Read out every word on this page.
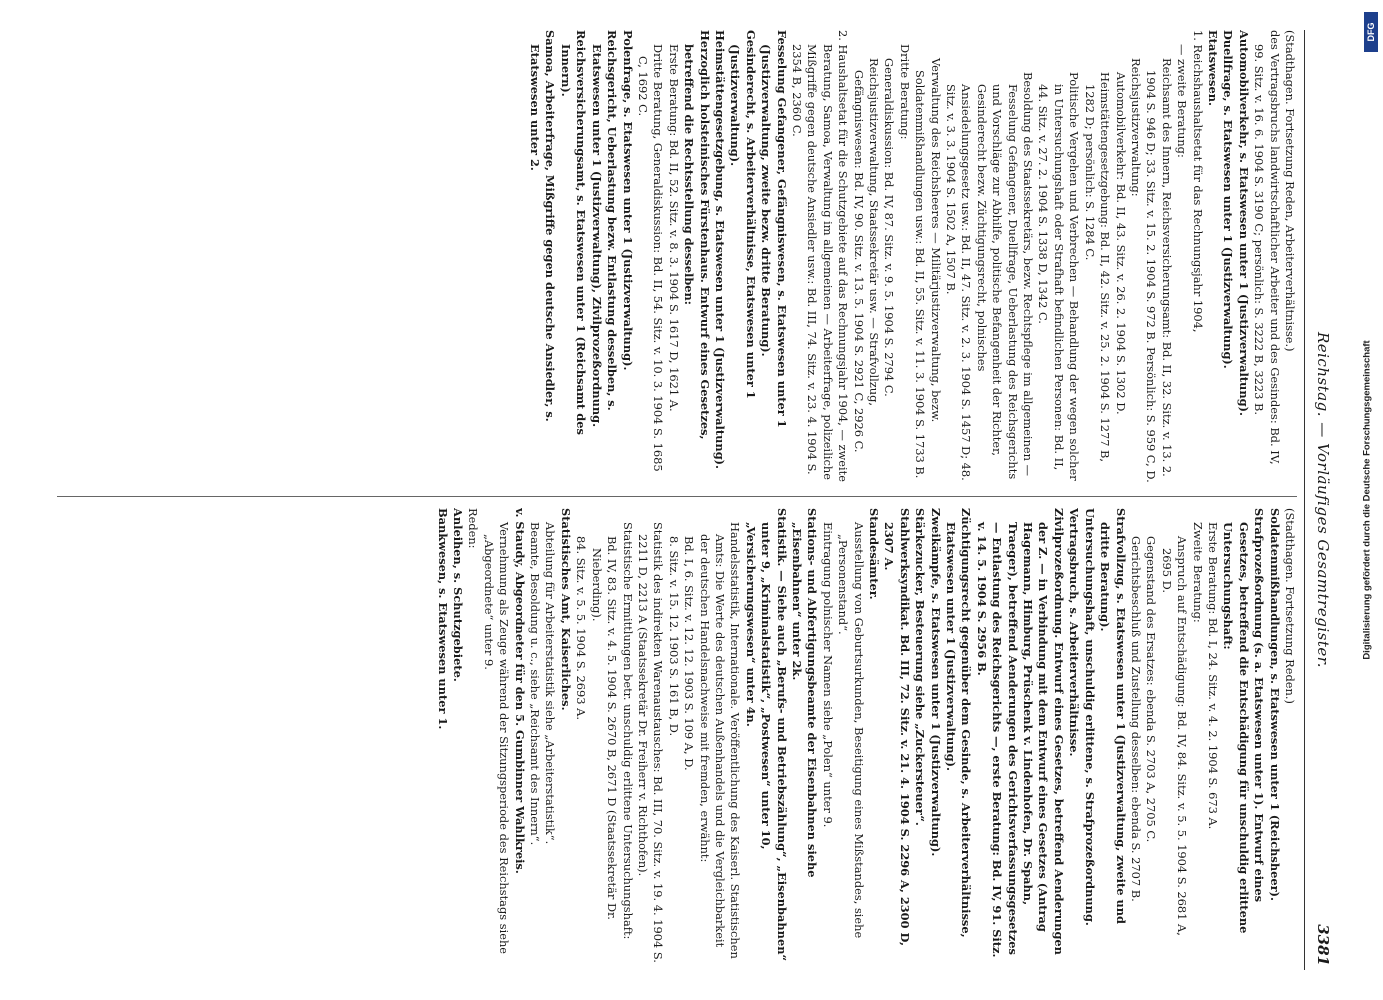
Reichstag. — Vorläufiges Gesamtregister.
3381

(Stadthagen. Fortsetzung Reden, Arbeiterverhältnisse.)

des Vertragsbruchs landwirtschaftlicher Arbeiter und des Gesindes: Bd. IV, 99. Sitz. v. 16. 6. 1904 S. 3190 C; persönlich: S. 3222 B, 3223 B.

Automobilverkehr, s. Etatswesen unter 1 (Justizverwaltung).

Duellfrage, s. Etatswesen unter 1 (Justizverwaltung).

Etatswesen.

1. Reichshaushaltsetat für das Rechnungsjahr 1904,

— zweite Beratung:

Reichsamt des Innern, Reichsversicherungsamt: Bd. II, 32. Sitz. v. 13. 2. 1904 S. 946 D; 33. Sitz. v. 15. 2. 1904 S. 972 B. Persönlich: S. 959 C, D.

Reichsjustizverwaltung:

Automobilverkehr: Bd. II, 43. Sitz. v. 26. 2. 1904 S. 1302 D.

Heimstättengesetzgebung: Bd. II, 42. Sitz. v. 25. 2. 1904 S. 1277 B, 1282 D; persönlich: S. 1284 C.

Politische Vergehen und Verbrechen — Behandlung der wegen solcher in Untersuchungshaft oder Strafhaft befindlichen Personen: Bd. II, 44. Sitz. v. 27. 2. 1904 S. 1338 D, 1342 C.

Besoldung des Staatssekretärs, bezw. Rechtspflege im allgemeinen — Fesselung Gefangener, Duellfrage, Ueberlastung des Reichsgerichts und Vorschläge zur Abhilfe, politische Befangenheit der Richter, Gesinderecht bezw. Züchtigungsrecht, polnisches Ansiedelungsgesetz usw.: Bd. II, 47. Sitz. v. 2. 3. 1904 S. 1457 D; 48. Sitz. v. 3. 3. 1904 S. 1502 A, 1507 B.

Verwaltung des Reichsheeres — Militärjustizverwaltung, bezw. Soldatenmißhandlungen usw.: Bd. II, 55. Sitz. v. 11. 3. 1904 S. 1733 B.

Dritte Beratung:

Generaldiskussion: Bd. IV, 87. Sitz. v. 9. 5. 1904 S. 2794 C.

Reichsjustizverwaltung, Staatssekretär usw. — Strafvollzug, Gefängniswesen: Bd. IV, 90. Sitz. v. 13. 5. 1904 S. 2921 C, 2926 C.

2. Haushaltsetat für die Schutzgebiete auf das Rechnungsjahr 1904, — zweite Beratung, Samoa, Verwaltung im allgemeinen — Arbeiterfrage, polizeiliche Mißgriffe gegen deutsche Ansiedler usw.: Bd. III, 74. Sitz. v. 23. 4. 1904 S. 2354 B, 2360 C.

Fesselung Gefangener, Gefängniswesen, s. Etatswesen unter 1 (Justizverwaltung, zweite bezw. dritte Beratung).

Gesinderecht, s. Arbeiterverhältnisse, Etatswesen unter 1 (Justizverwaltung).

Heimstättengesetzgebung, s. Etatswesen unter 1 (Justizverwaltung).

Herzoglich holsteinisches Fürstenhaus. Entwurf eines Gesetzes, betreffend die Rechtsstellung desselben:

Erste Beratung: Bd. II, 52. Sitz. v. 8. 3. 1904 S. 1617 D, 1621 A.

Dritte Beratung, Generaldiskussion: Bd. II, 54. Sitz. v. 10. 3. 1904 S. 1685 C, 1692 C.

Polenfrage, s. Etatswesen unter 1 (Justizverwaltung).

Reichsgericht, Ueberlastung bezw. Entlastung desselben, s. Etatswesen unter 1 (Justizverwaltung), Zivilprozeßordnung.

Reichsversicherungsamt, s. Etatswesen unter 1 (Reichsamt des Innern).

Samoa, Arbeiterfrage, Mißgriffe gegen deutsche Ansiedler, s. Etatswesen unter 2.

(Stadthagen. Fortsetzung Reden.)

Soldatenmißhandlungen, s. Etatswesen unter 1 (Reichsheer).

Strafprozeßordnung (s. a. Etatswesen unter 1). Entwurf eines Gesetzes, betreffend die Entschädigung für unschuldig erlittene Untersuchungshaft:

Erste Beratung: Bd. I, 24. Sitz. v. 4. 2. 1904 S. 673 A.

Zweite Beratung:

Anspruch auf Entschädigung: Bd. IV, 84. Sitz. v. 5. 5. 1904 S. 2681 A, 2695 D.

Gegenstand des Ersatzes: ebenda S. 2703 A, 2705 C.

Gerichtsbeschluß und Zustellung desselben: ebenda S. 2707 B.

Strafvollzug, s. Etatswesen unter 1 (Justizverwaltung, zweite und dritte Beratung).

Untersuchungshaft, unschuldig erlittene, s. Strafprozeßordnung.

Vertragsbruch, s. Arbeiterverhältnisse.

Zivilprozeßordnung. Entwurf eines Gesetzes, betreffend Aenderungen der Z. — in Verbindung mit dem Entwurf eines Gesetzes (Antrag Hagemann, Himburg, Prüschenk v. Lindenhofen, Dr. Spahn, Traeger), betreffend Aenderungen des Gerichtsverfassungsgesetzes — Entlastung des Reichsgerichts —, erste Beratung: Bd. IV, 91. Sitz. v. 14. 5. 1904 S. 2956 B.

Züchtigungsrecht gegenüber dem Gesinde, s. Arbeiterverhältnisse, Etatswesen unter 1 (Justizverwaltung).

Zweikämpfe, s. Etatswesen unter 1 (Justizverwaltung).

Stärkezucker, Besteuerung siehe „Zuckersteuer“.

Stahlwerksyndikat. Bd. III, 72. Sitz. v. 21. 4. 1904 S. 2296 A, 2300 D, 2307 A.

Standesämter.

Ausstellung von Geburtsurkunden, Beseitigung eines Mißstandes, siehe „Personenstand“.

Eintragung polnischer Namen siehe „Polen“ unter 9.

Stations- und Abfertigungsbeamte der Eisenbahnen siehe „Eisenbahnen“ unter 2k.

Statistik. — Siehe auch „Berufs- und Betriebszählung“, „Eisenbahnen“ unter 9, „Kriminalstatistik“, „Postwesen“ unter 10, „Versicherungswesen“ unter 4n.

Handelsstatistik, Internationale. Veröffentlichung des Kaiserl. Statistischen Amts: Die Werte des deutschen Außenhandels und die Vergleichbarkeit der deutschen Handelsnachweise mit fremden, erwähnt:

Bd. I, 6. Sitz. v. 12. 12. 1903 S. 109 A, D.

8. Sitz. v. 15. 12. 1903 S. 161 B, D.

Statistik des indirekten Warenaustausches: Bd. III, 70. Sitz. v. 19. 4. 1904 S. 2211 D, 2213 A (Staatssekretär Dr. Freiherr v. Richthofen).

Statistische Ermittlungen betr. unschuldig erlittene Untersuchungshaft:

Bd. IV, 83. Sitz. v. 4. 5. 1904 S. 2670 B, 2671 D (Staatssekretär Dr. Nieberding).

84. Sitz. v. 5. 5. 1904 S. 2693 A.

Statistisches Amt, Kaiserliches.

Abteilung für Arbeiterstatistik siehe „Arbeiterstatistik“.

Beamte, Besoldung u. c., siehe „Reichsamt des Innern“.

v. Staudy, Abgeordneter für den 5. Gumbinner Wahlkreis.

Vernehmung als Zeuge während der Sitzungsperiode des Reichstags siehe „Abgeordnete“ unter 9.

Reden:

Anleihen, s. Schutzgebiete.

Bankwesen, s. Etatswesen unter 1.

DFG
Digitalisierung gefördert durch die Deutsche Forschungsgemeinschaft
